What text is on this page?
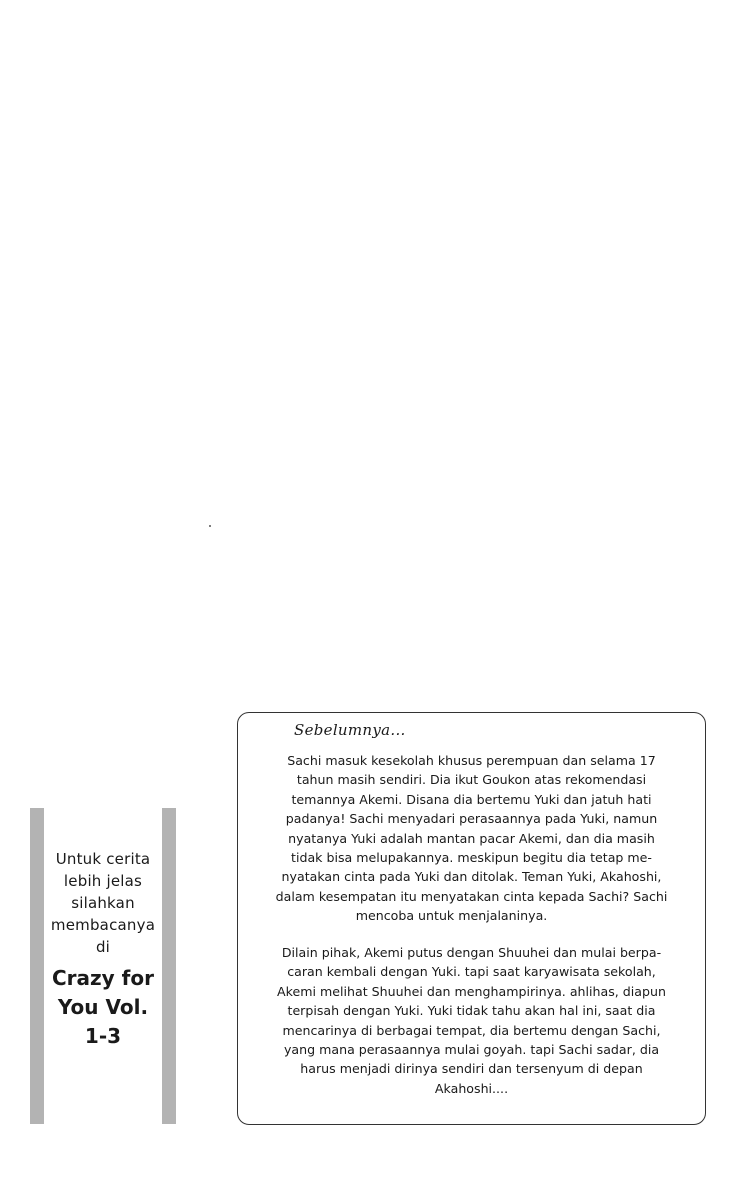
Untuk cerita
lebih jelas
silahkan
membacanya
di
Crazy for
You Vol.
1-3
Sebelumnya...
Sachi masuk kesekolah khusus perempuan dan selama 17
tahun masih sendiri. Dia ikut Goukon atas rekomendasi
temannya Akemi. Disana dia bertemu Yuki dan jatuh hati
padanya! Sachi menyadari perasaannya pada Yuki, namun
nyatanya Yuki adalah mantan pacar Akemi, dan dia masih
tidak bisa melupakannya. meskipun begitu dia tetap me-
nyatakan cinta pada Yuki dan ditolak. Teman Yuki, Akahoshi,
dalam kesempatan itu menyatakan cinta kepada Sachi? Sachi
mencoba untuk menjalaninya.
Dilain pihak, Akemi putus dengan Shuuhei dan mulai berpa-
caran kembali dengan Yuki. tapi saat karyawisata sekolah,
Akemi melihat Shuuhei dan menghampirinya. ahlihas, diapun
terpisah dengan Yuki. Yuki tidak tahu akan hal ini, saat dia
mencarinya di berbagai tempat, dia bertemu dengan Sachi,
yang mana perasaannya mulai goyah. tapi Sachi sadar, dia
harus menjadi dirinya sendiri dan tersenyum di depan
Akahoshi....
